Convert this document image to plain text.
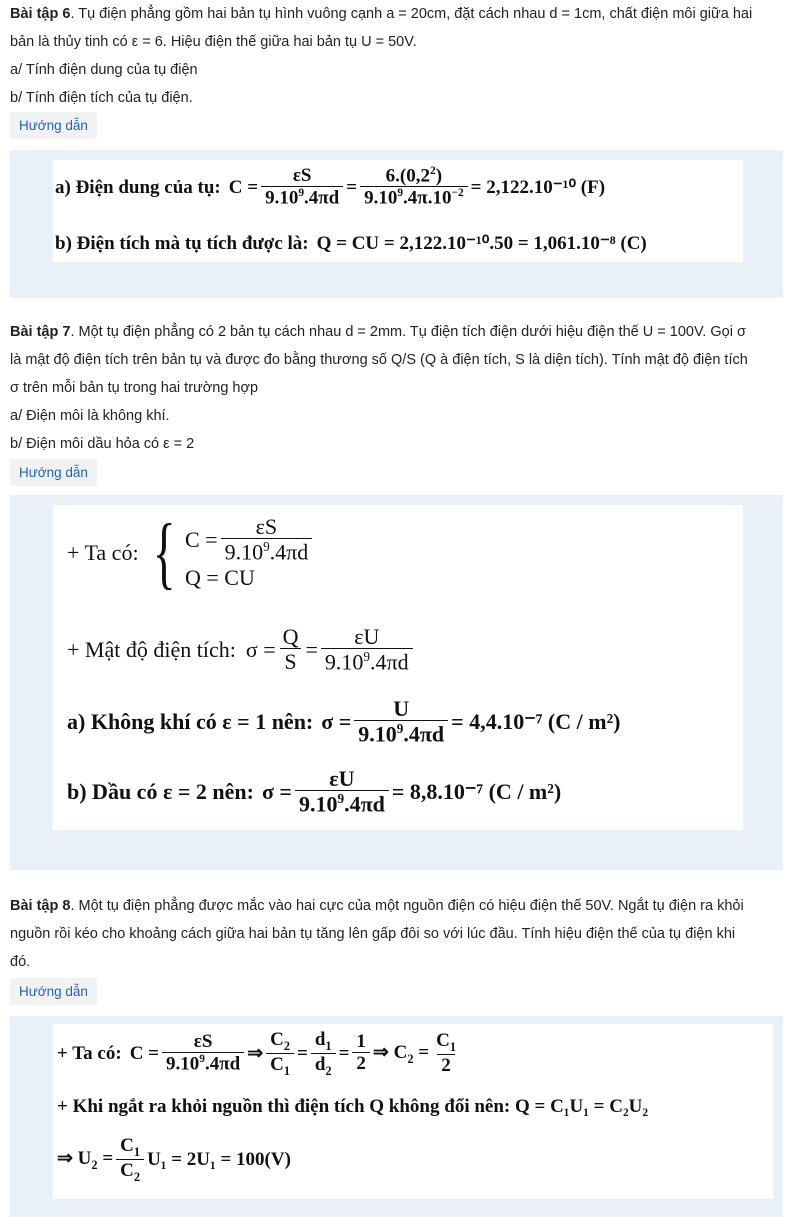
Bài tập 6. Tụ điện phẳng gồm hai bản tụ hình vuông cạnh a = 20cm, đặt cách nhau d = 1cm, chất điện môi giữa hai
bản là thủy tinh có ε = 6. Hiệu điện thế giữa hai bản tụ U = 50V.
a/ Tính điện dung của tụ điện
b/ Tính điện tích của tụ điện.

Hướng dẫn
a) Điện dung của tụ: $C = \frac{\varepsilon S}{9.10^9.4\pi d} = \frac{6.(0,2^2)}{9.10^9.4\pi.10^{-2}} = 2,122.10^{-10}$ (F)
b) Điện tích mà tụ tích được là: Q = CU = 2,122.10⁻¹⁰.50 = 1,061.10⁻⁸ (C)

Bài tập 7. Một tụ điện phẳng có 2 bản tụ cách nhau d = 2mm. Tụ điện tích điện dưới hiệu điện thế U = 100V. Gọi σ
là mật độ điện tích trên bản tụ và được đo bằng thương số Q/S (Q à điện tích, S là diện tích). Tính mật độ điện tích
σ trên mỗi bản tụ trong hai trường hợp
a/ Điện môi là không khí.
b/ Điện môi dầu hỏa có ε = 2

Hướng dẫn
+ Ta có: { $C = \frac{\varepsilon S}{9.10^9.4\pi d}$
Q = CU
+ Mật độ điện tích: $\sigma = \frac{Q}{S} = \frac{\varepsilon U}{9.10^9.4\pi d}$
a) Không khí có ε = 1 nên: $\sigma = \frac{U}{9.10^9.4\pi d} = 4,4.10^{-7}$ (C / m²)
b) Dầu có ε = 2 nên: $\sigma = \frac{\varepsilon U}{9.10^9.4\pi d} = 8,8.10^{-7}$ (C / m²)

Bài tập 8. Một tụ điện phẳng được mắc vào hai cực của một nguồn điện có hiệu điện thế 50V. Ngắt tụ điện ra khỏi
nguồn rồi kéo cho khoảng cách giữa hai bản tụ tăng lên gấp đôi so với lúc đầu. Tính hiệu điện thế của tụ điện khi
đó.

Hướng dẫn
+ Ta có: $C = \frac{\varepsilon S}{9.10^9.4\pi d}$ ⇒ $\frac{C_2}{C_1} = \frac{d_1}{d_2} = \frac{1}{2}$ ⇒ $C_2 = \frac{C_1}{2}$
+ Khi ngắt ra khỏi nguồn thì điện tích Q không đổi nên: Q = C₁U₁ = C₂U₂
⇒ $U_2 = \frac{C_1}{C_2} U_1 = 2U_1 = 100(V)$
